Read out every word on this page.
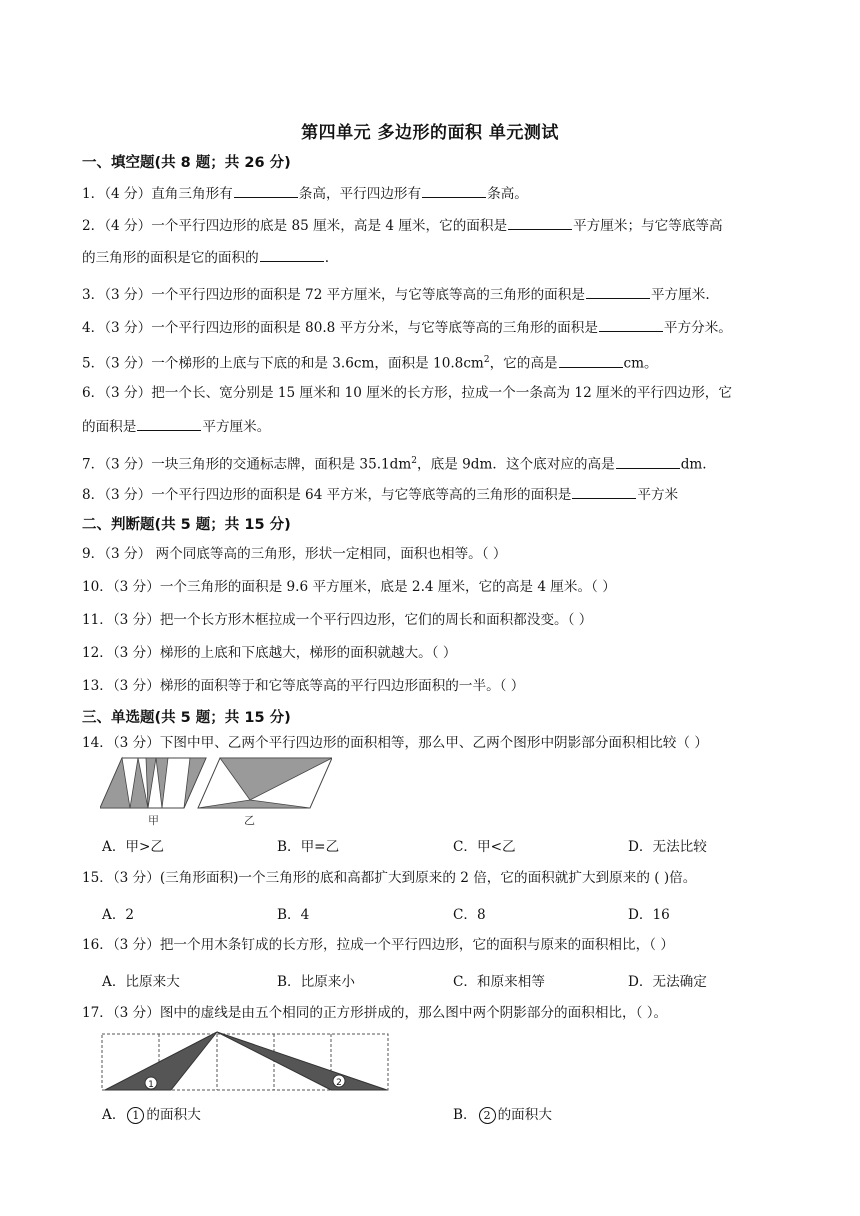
第四单元 多边形的面积 单元测试
一、填空题(共 8 题；共 26 分)
1．（4 分）直角三角形有	条高，平行四边形有	条高。
2．（4 分）一个平行四边形的底是 85 厘米，高是 4 厘米，它的面积是	平方厘米；与它等底等高
的三角形的面积是它的面积的	.
3．（3 分）一个平行四边形的面积是 72 平方厘米，与它等底等高的三角形的面积是	平方厘米.
4．（3 分）一个平行四边形的面积是 80.8 平方分米，与它等底等高的三角形的面积是	平方分米。
5．（3 分）一个梯形的上底与下底的和是 3.6cm，面积是 $10.8cm^2$，它的高是	cm。
6．（3 分）把一个长、宽分别是 15 厘米和 10 厘米的长方形，拉成一个一条高为 12 厘米的平行四边形，它
的面积是	平方厘米。
7．（3 分）一块三角形的交通标志牌，面积是 $35.1dm^2$，底是 9dm．这个底对应的高是	dm.
8．（3 分）一个平行四边形的面积是 64 平方米，与它等底等高的三角形的面积是	平方米
二、判断题(共 5 题；共 15 分)
9．（3 分） 两个同底等高的三角形，形状一定相同，面积也相等。（ ）
10．（3 分）一个三角形的面积是 9.6 平方厘米，底是 2.4 厘米，它的高是 4 厘米。（ ）
11．（3 分）把一个长方形木框拉成一个平行四边形，它们的周长和面积都没变。（ ）
12．（3 分）梯形的上底和下底越大，梯形的面积就越大。（ ）
13．（3 分）梯形的面积等于和它等底等高的平行四边形面积的一半。（ ）
三、单选题(共 5 题；共 15 分)
14．（3 分）下图中甲、乙两个平行四边形的面积相等，那么甲、乙两个图形中阴影部分面积相比较（ ）
甲	乙
A．甲>乙	B．甲=乙	C．甲<乙	D．无法比较
15．（3 分）(三角形面积)一个三角形的底和高都扩大到原来的 2 倍，它的面积就扩大到原来的 ( )倍。
A．2	B．4	C．8	D．16
16．（3 分）把一个用木条钉成的长方形，拉成一个平行四边形，它的面积与原来的面积相比，（ ）
A．比原来大	B．比原来小	C．和原来相等	D．无法确定
17．（3 分）图中的虚线是由五个相同的正方形拼成的，那么图中两个阴影部分的面积相比，（ ）。
1	2
A． 1 的面积大	B． 2 的面积大
